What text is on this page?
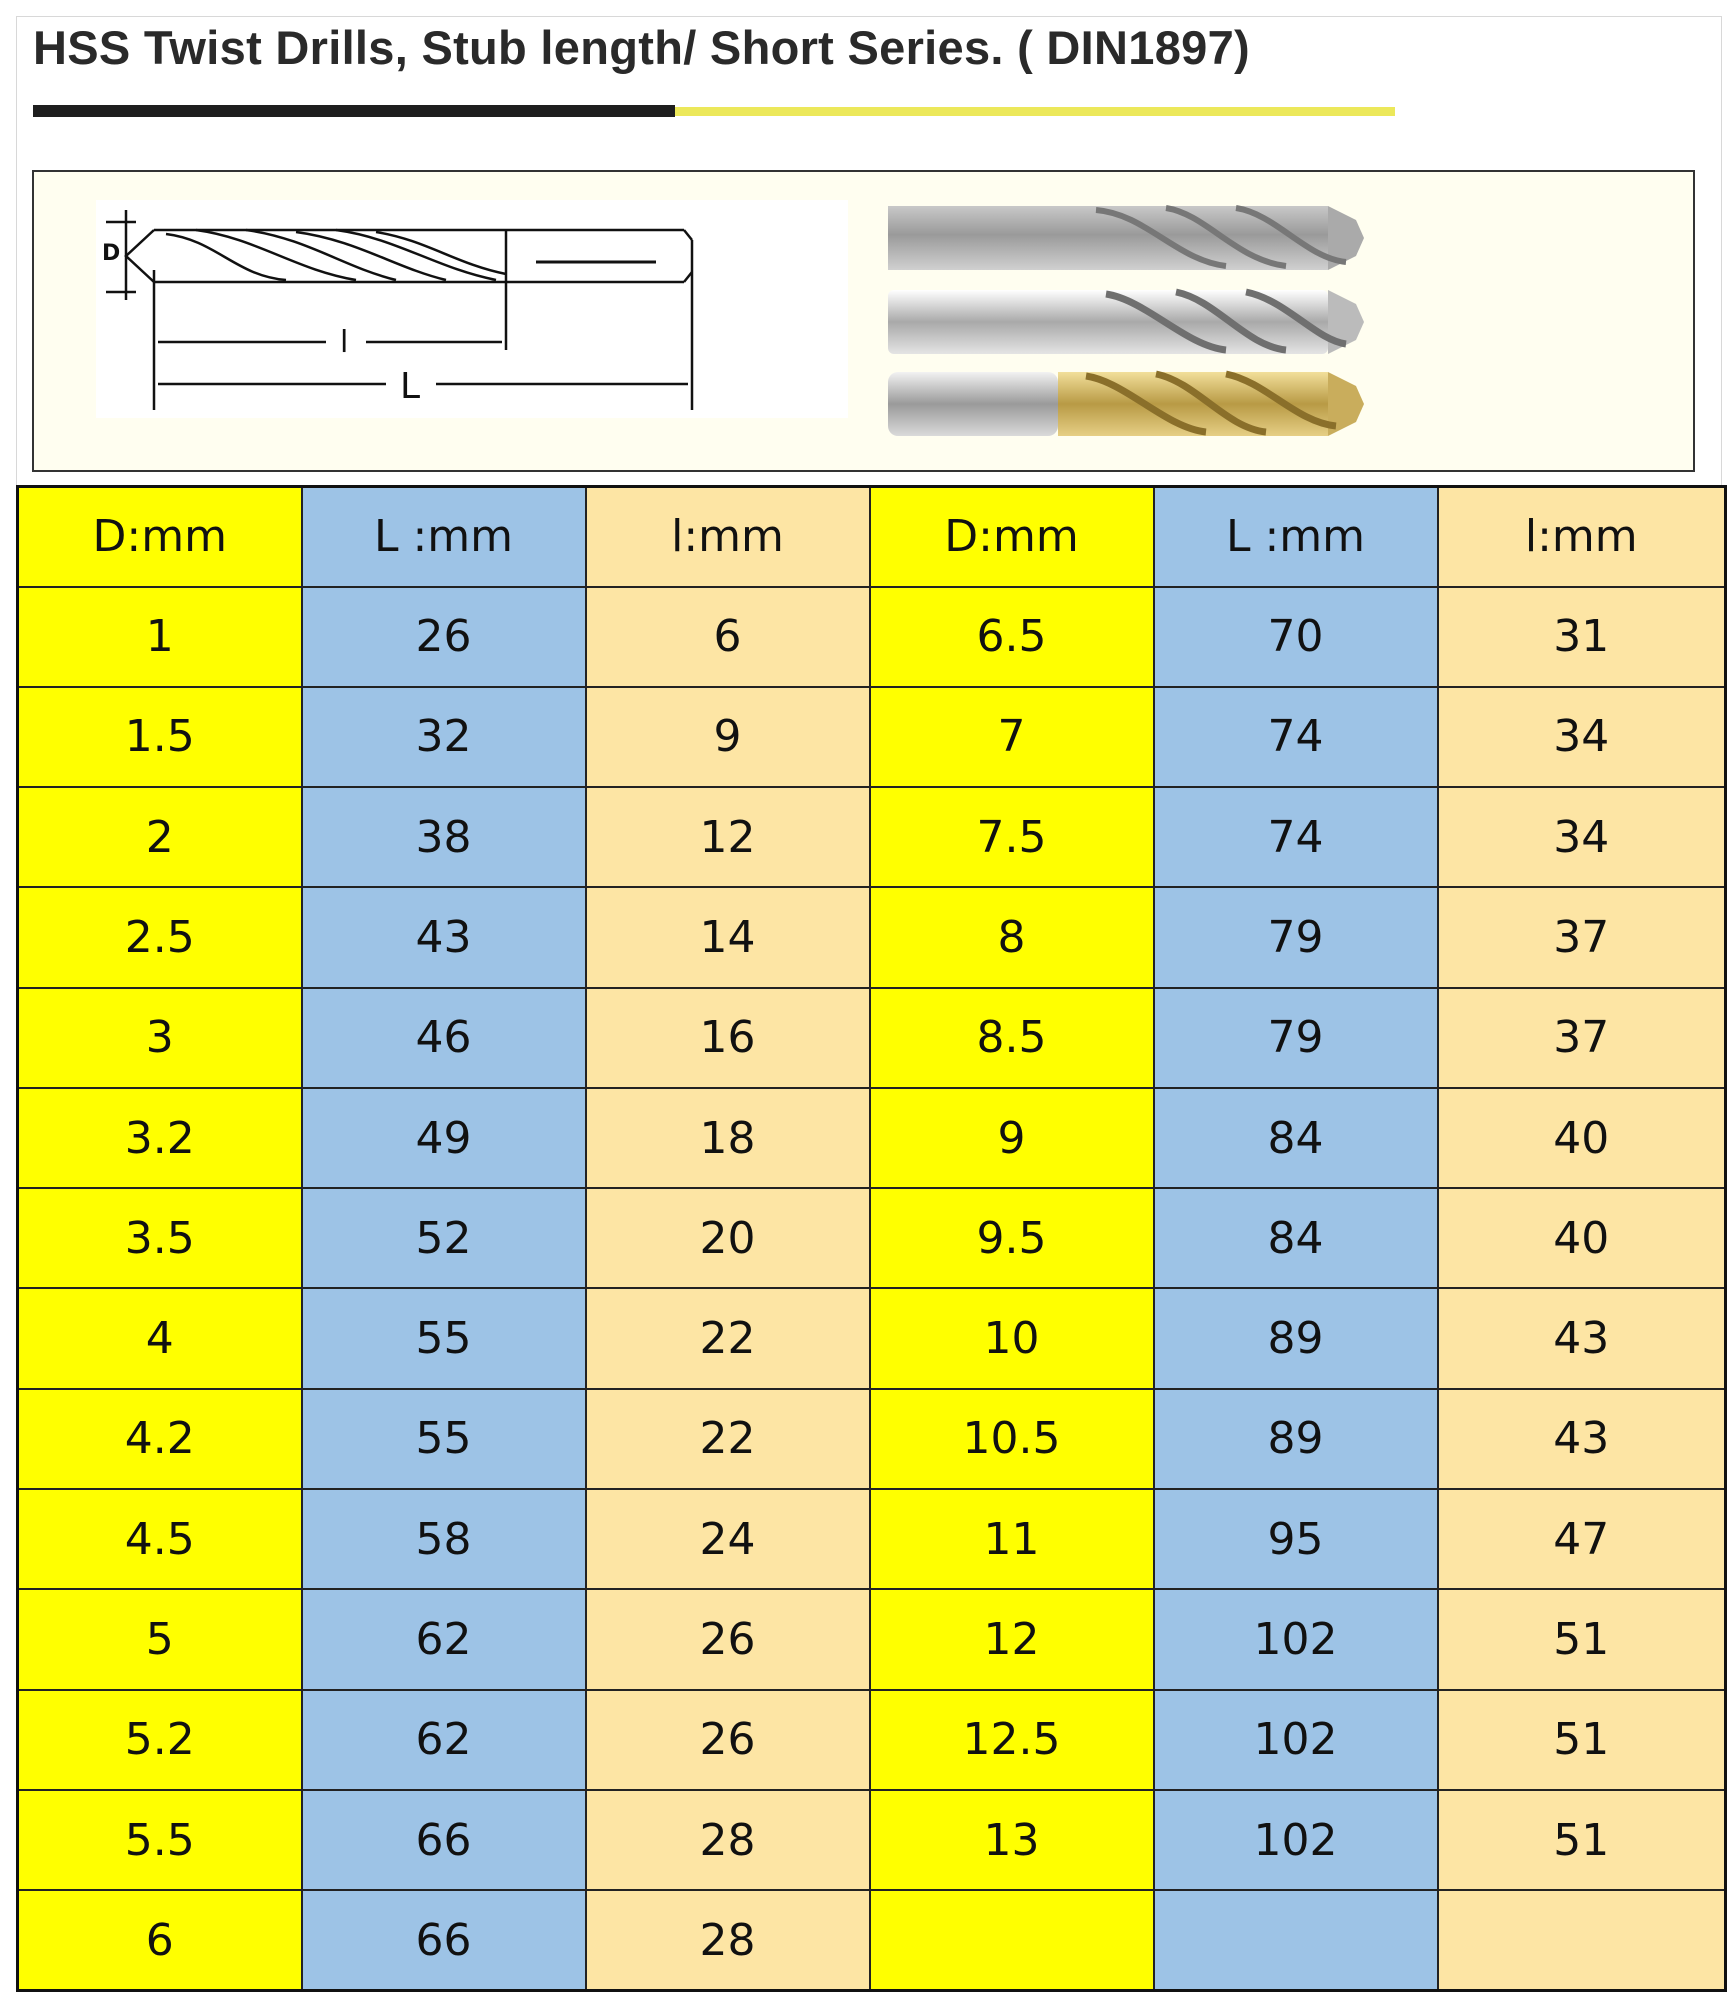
HSS Twist Drills, Stub length/ Short Series. ( DIN1897)
D
l
L
D:mm	L :mm	l:mm	D:mm	L :mm	l:mm
1	26	6	6.5	70	31
1.5	32	9	7	74	34
2	38	12	7.5	74	34
2.5	43	14	8	79	37
3	46	16	8.5	79	37
3.2	49	18	9	84	40
3.5	52	20	9.5	84	40
4	55	22	10	89	43
4.2	55	22	10.5	89	43
4.5	58	24	11	95	47
5	62	26	12	102	51
5.2	62	26	12.5	102	51
5.5	66	28	13	102	51
6	66	28			
